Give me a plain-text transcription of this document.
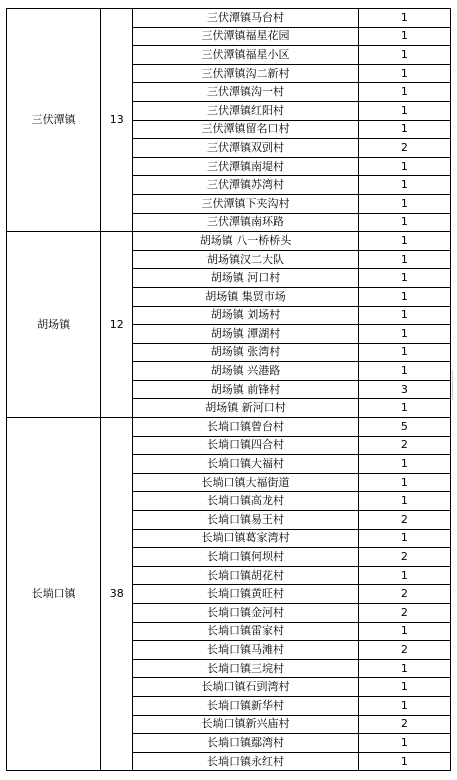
三伏潭镇	13	三伏潭镇马台村	1
		三伏潭镇福星花园	1
		三伏潭镇福星小区	1
		三伏潭镇沟二新村	1
		三伏潭镇沟一村	1
		三伏潭镇红阳村	1
		三伏潭镇留名口村	1
		三伏潭镇双剅村	2
		三伏潭镇南堤村	1
		三伏潭镇苏湾村	1
		三伏潭镇下夹沟村	1
		三伏潭镇南环路	1
胡场镇	12	胡场镇 八一桥桥头	1
		胡场镇汉二大队	1
		胡场镇 河口村	1
		胡场镇 集贸市场	1
		胡场镇 刘场村	1
		胡场镇 潭湖村	1
		胡场镇 张湾村	1
		胡场镇 兴港路	1
		胡场镇 前锋村	3
		胡场镇 新河口村	1
长埫口镇	38	长埫口镇曾台村	5
		长埫口镇四合村	2
		长埫口镇大福村	1
		长埫口镇大福街道	1
		长埫口镇高龙村	1
		长埫口镇易王村	2
		长埫口镇葛家湾村	1
		长埫口镇何坝村	2
		长埫口镇胡花村	1
		长埫口镇黄旺村	2
		长埫口镇金河村	2
		长埫口镇雷家村	1
		长埫口镇马滩村	2
		长埫口镇三垸村	1
		长埫口镇石剅湾村	1
		长埫口镇新华村	1
		长埫口镇新兴庙村	2
		长埫口镇鄢湾村	1
		长埫口镇永红村	1
